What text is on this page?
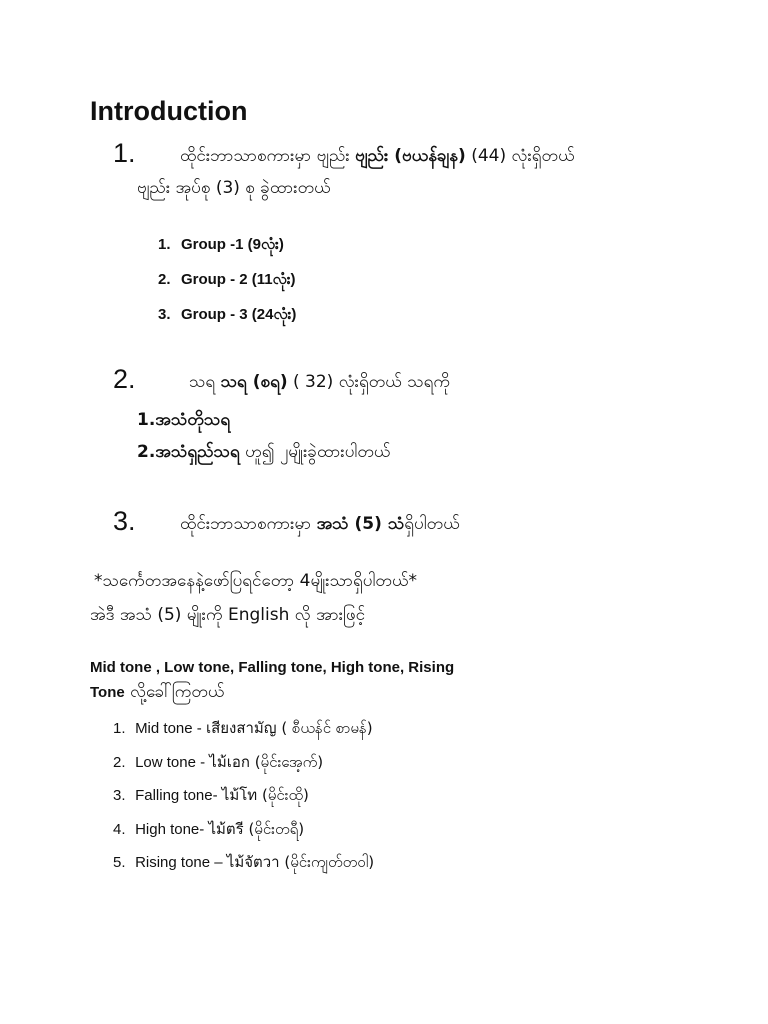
Introduction
1.	ထိုင်းဘာသာစကားမှာ ဗျည်း ဗျည်း (ဗယန်ချန) (44) လုံးရှိတယ်
ဗျည်း အုပ်စု (3) စု ခွဲထားတယ်
1. Group -1 (9လုံး)
2. Group - 2 (11လုံး)
3. Group - 3 (24လုံး)
2.	သရ သရ (စရ) ( 32) လုံးရှိတယ် သရကို
1.အသံတိုသရ
2.အသံရှည်သရ ဟူ၍ ၂မျိုးခွဲထားပါတယ်
3.	ထိုင်းဘာသာစကားမှာ အသံ (5) သံရှိပါတယ်
*သင်္ကေတအနေနဲ့ဖော်ပြရင်တော့ 4မျိုးသာရှိပါတယ်*
အဲဒီ အသံ (5) မျိုးကို English လို အားဖြင့်
Mid tone , Low tone, Falling tone, High tone, Rising
Tone လို့ခေါ်ကြတယ်
1. Mid tone - เสียงสามัญ ( စီယန်င် စာမန်)
2. Low tone - ไม้เอก (မိုင်းအေ့က်)
3. Falling tone- ไม้โท (မိုင်းထို)
4. High tone- ไม้ตรี (မိုင်းတရီ)
5. Rising tone – ไม้จัตวา (မိုင်းကျတ်တဝါ)
